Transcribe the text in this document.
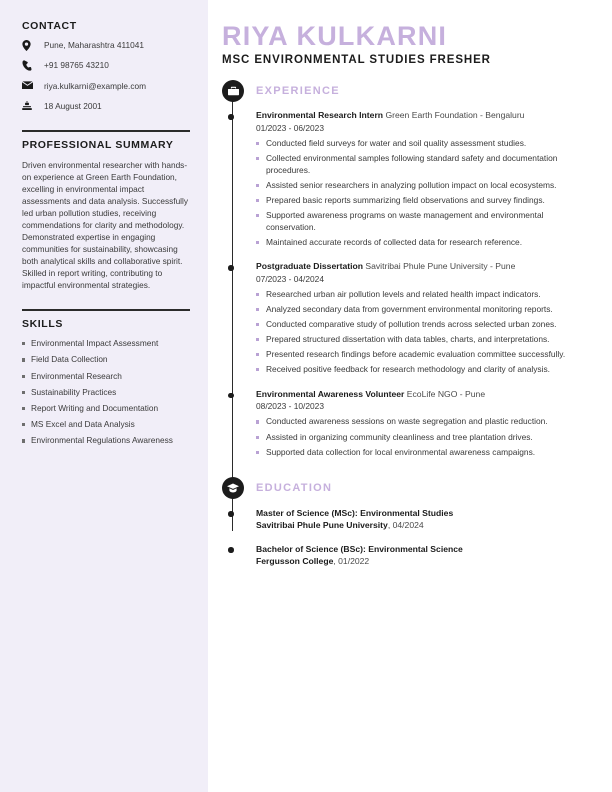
CONTACT
Pune, Maharashtra 411041
+91 98765 43210
riya.kulkarni@example.com
18 August 2001
PROFESSIONAL SUMMARY

Driven environmental researcher with hands-on experience at Green Earth Foundation, excelling in environmental impact assessments and data analysis. Successfully led urban pollution studies, receiving commendations for clarity and methodology. Demonstrated expertise in engaging communities for sustainability, showcasing both analytical skills and collaborative spirit. Skilled in report writing, contributing to impactful environmental strategies.

SKILLS
Environmental Impact Assessment
Field Data Collection
Environmental Research
Sustainability Practices
Report Writing and Documentation
MS Excel and Data Analysis
Environmental Regulations Awareness
RIYA KULKARNI
MSC ENVIRONMENTAL STUDIES FRESHER
EXPERIENCE
Environmental Research Intern Green Earth Foundation - Bengaluru
01/2023 - 06/2023
Conducted field surveys for water and soil quality assessment studies.
Collected environmental samples following standard safety and documentation procedures.
Assisted senior researchers in analyzing pollution impact on local ecosystems.
Prepared basic reports summarizing field observations and survey findings.
Supported awareness programs on waste management and environmental conservation.
Maintained accurate records of collected data for research reference.
Postgraduate Dissertation Savitribai Phule Pune University - Pune
07/2023 - 04/2024
Researched urban air pollution levels and related health impact indicators.
Analyzed secondary data from government environmental monitoring reports.
Conducted comparative study of pollution trends across selected urban zones.
Prepared structured dissertation with data tables, charts, and interpretations.
Presented research findings before academic evaluation committee successfully.
Received positive feedback for research methodology and clarity of analysis.
Environmental Awareness Volunteer EcoLife NGO - Pune
08/2023 - 10/2023
Conducted awareness sessions on waste segregation and plastic reduction.
Assisted in organizing community cleanliness and tree plantation drives.
Supported data collection for local environmental awareness campaigns.
EDUCATION
Master of Science (MSc): Environmental Studies
Savitribai Phule Pune University, 04/2024
Bachelor of Science (BSc): Environmental Science
Fergusson College, 01/2022
